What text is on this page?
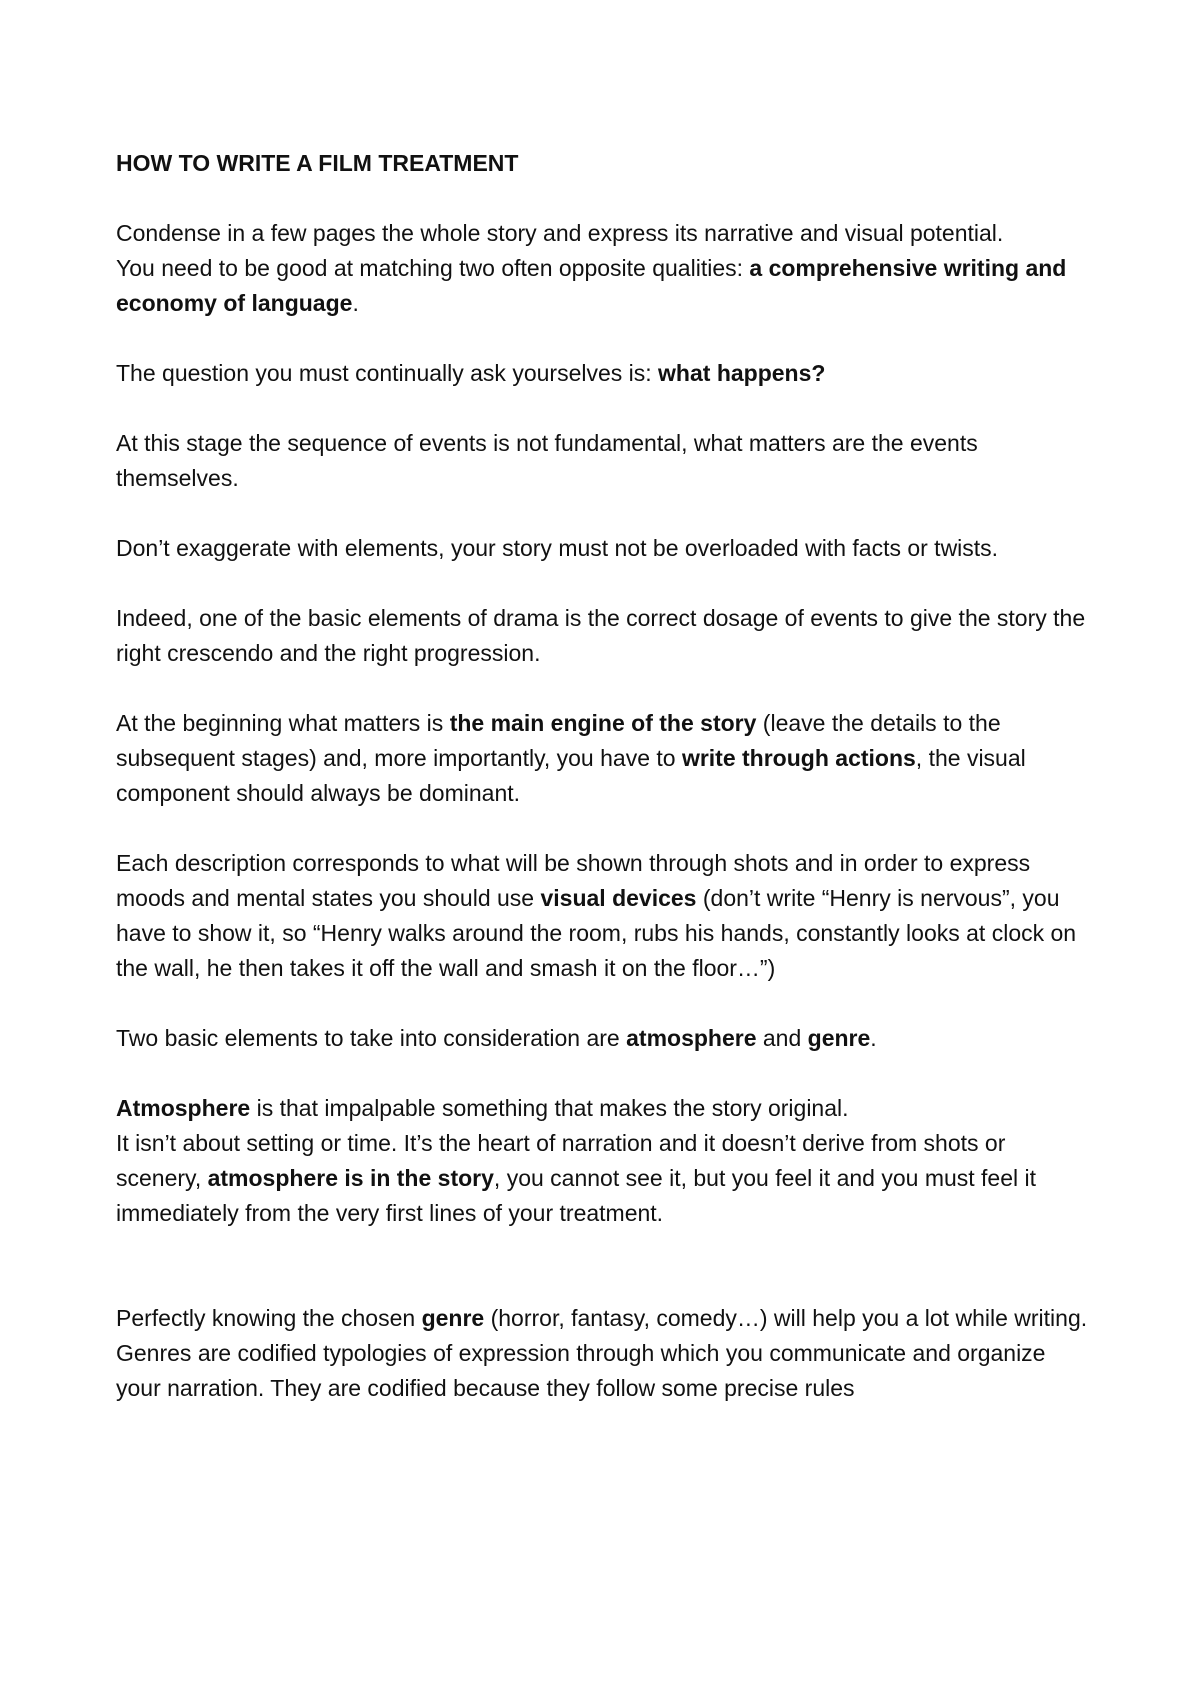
HOW TO WRITE A FILM TREATMENT

Condense in a few pages the whole story and express its narrative and visual potential.

You need to be good at matching two often opposite qualities: a comprehensive writing and economy of language.

The question you must continually ask yourselves is: what happens?

At this stage the sequence of events is not fundamental, what matters are the events themselves.

Don’t exaggerate with elements, your story must not be overloaded with facts or twists.

Indeed, one of the basic elements of drama is the correct dosage of events to give the story the right crescendo and the right progression.

At the beginning what matters is the main engine of the story (leave the details to the subsequent stages) and, more importantly, you have to write through actions, the visual component should always be dominant.

Each description corresponds to what will be shown through shots and in order to express moods and mental states you should use visual devices (don’t write “Henry is nervous”, you have to show it, so “Henry walks around the room, rubs his hands, constantly looks at clock on the wall, he then takes it off the wall and smash it on the floor…”)

Two basic elements to take into consideration are atmosphere and genre.

Atmosphere is that impalpable something that makes the story original.

It isn’t about setting or time. It’s the heart of narration and it doesn’t derive from shots or scenery, atmosphere is in the story, you cannot see it, but you feel it and you must feel it immediately from the very first lines of your treatment.

Perfectly knowing the chosen genre (horror, fantasy, comedy…) will help you a lot while writing.

Genres are codified typologies of expression through which you communicate and organize your narration. They are codified because they follow some precise rules
